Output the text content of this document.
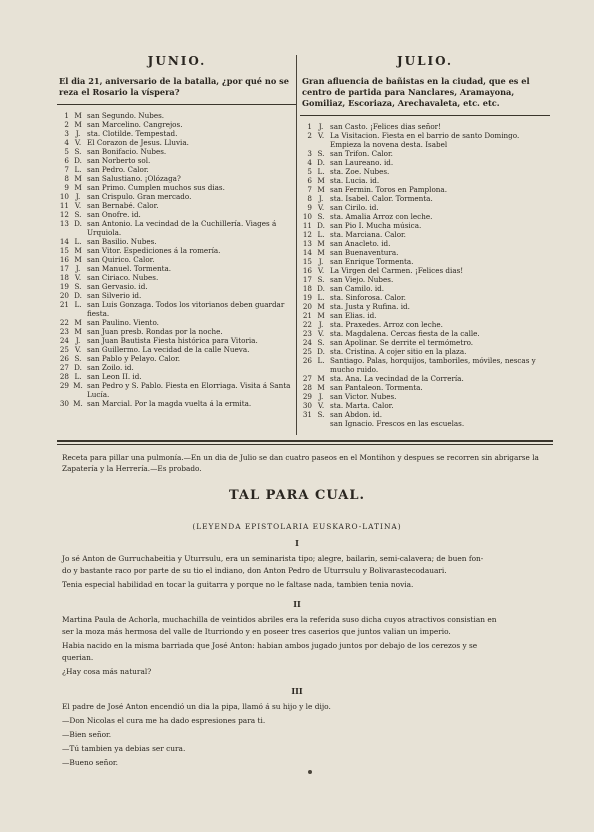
JUNIO.
El dia 21, aniversario de la batalla, ¿por qué no se reza el Rosario la víspera?
1 M san Segundo. Nubes.
2 M san Marcelino. Cangrejos.
3 J. sta. Clotilde. Tempestad.
4 V. El Corazon de Jesus. Lluvia.
5 S. san Bonifacio. Nubes.
6 D. san Norberto sol.
7 L. san Pedro. Calor.
8 M san Salustiano. ¡Olózaga?
9 M san Primo. Cumplen muchos sus dias.
10 J. san Crispulo. Gran mercado.
11 V. san Bernabé. Calor.
12 S. san Onofre. id.
13 D. san Antonio. La vecindad de la Cuchillería. Viages á Urquiola.
14 L. san Basilio. Nubes.
15 M san Vitor. Espediciones á la romería.
16 M san Quirico. Calor.
17 J. san Manuel. Tormenta.
18 V. san Ciriaco. Nubes.
19 S. san Gervasio. id.
20 D. san Silverio id.
21 L. san Luis Gonzaga. Todos los vitorianos deben guardar fiesta.
22 M san Paulino. Viento.
23 M san Juan presb. Rondas por la noche.
24 J. san Juan Bautista Fiesta histórica para Vitoria.
25 V. san Guillermo. La vecidad de la calle Nueva.
26 S. san Pablo y Pelayo. Calor.
27 D. san Zoilo. id.
28 L. san Leon II. id.
29 M. san Pedro y S. Pablo. Fiesta en Elorriaga. Visita á Santa Lucía.
30 M. san Marcial. Por la magda vuelta á la ermita.
JULIO.
Gran afluencia de bañistas en la ciudad, que es el centro de partida para Nanclares, Aramayona, Gomiliaz, Escoriaza, Arechavaleta, etc. etc.
1 J. san Casto. ¡Felices dias señor!
2 V. La Visitacion. Fiesta en el barrio de santo Domingo. Empieza la novena desta. Isabel
3 S. san Trifon. Calor.
4 D. san Laureano. id.
5 L. sta. Zoe. Nubes.
6 M sta. Lucia. id.
7 M san Fermin. Toros en Pamplona.
8 J. sta. Isabel. Calor. Tormenta.
9 V. san Cirilo. id.
10 S. sta. Amalia Arroz con leche.
11 D. san Pio I. Mucha música.
12 L. sta. Marciana. Calor.
13 M san Anacleto. id.
14 M san Buenaventura.
15 J. san Enrique Tormenta.
16 V. La Virgen del Carmen. ¡Felices dias!
17 S. san Viejo. Nubes.
18 D. san Camilo. id.
19 L. sta. Sinforosa. Calor.
20 M sta. Justa y Rufina. id.
21 M san Elias. id.
22 J. sta. Praxedes. Arroz con leche.
23 V. sta. Magdalena. Cercas fiesta de la calle.
24 S. san Apolinar. Se derrite el termómetro.
25 D. sta. Cristina. A cojer sitio en la plaza.
26 L. Santiago. Palas, horquijos, tamboriles, móviles, nescas y mucho ruido.
27 M sta. Ana. La vecindad de la Correría.
28 M san Pantaleon. Tormenta.
29 J. san Victor. Nubes.
30 V. sta. Marta. Calor.
31 S. san Abdon. id.
san Ignacio. Frescos en las escuelas.
Receta para pillar una pulmonía.—En un dia de Julio se dan cuatro paseos en el Montihon y despues se recorren sin abrigarse la Zapatería y la Herrería.—Es probado.
TAL PARA CUAL.
(LEYENDA EPISTOLARIA EUSKARO-LATINA)
I
Jo sé Anton de Gurruchabeitia y Uturrsulu, era un seminarista tipo; alegre, bailarin, semi-calavera; de buen fon-
do y bastante raco por parte de su tio el indiano, don Anton Pedro de Uturrsulu y Bolivarastecodauari.
Tenia especial habilidad en tocar la guitarra y porque no le faltase nada, tambien tenia novia.
II
Martina Paula de Achorla, muchachilla de veintidos abriles era la referida suso dicha cuyos atractivos consistian en
ser la moza más hermosa del valle de Iturriondo y en poseer tres caserios que juntos valian un imperio.
Habia nacido en la misma barriada que José Anton: habian ambos jugado juntos por debajo de los cerezos y se
querian.
¿Hay cosa más natural?
III
El padre de José Anton encendió un dia la pipa, llamó á su hijo y le dijo.
—Don Nicolas el cura me ha dado espresiones para ti.
—Bien señor.
—Tú tambien ya debias ser cura.
—Bueno señor.
